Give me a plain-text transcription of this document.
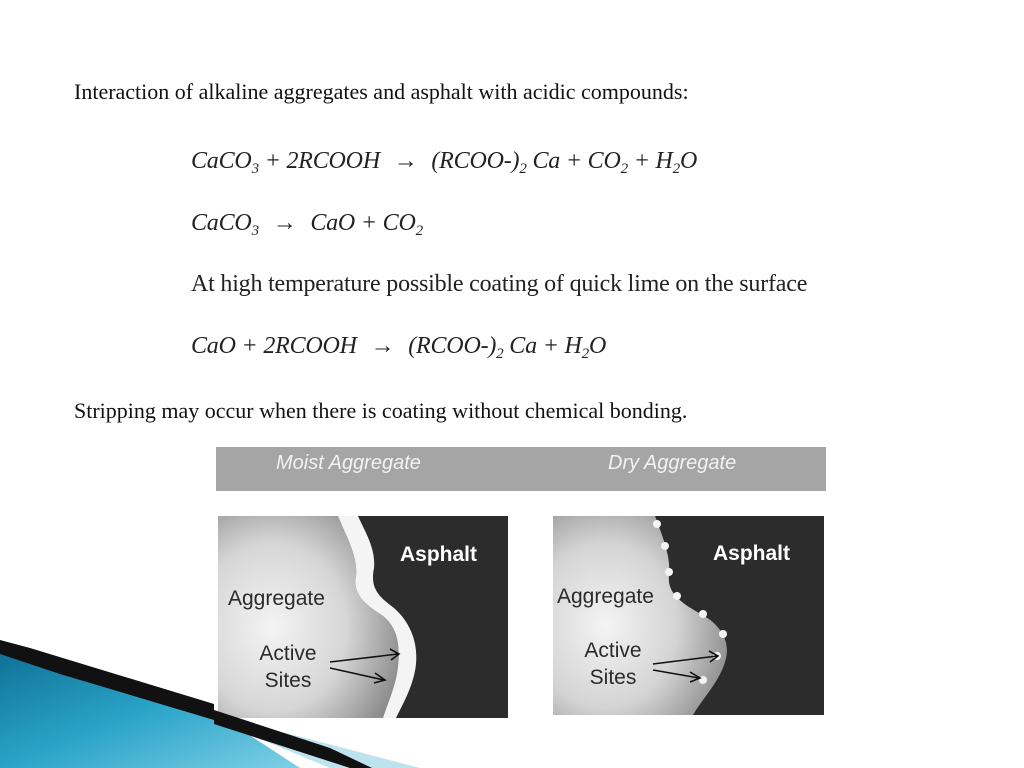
Interaction of alkaline aggregates and asphalt with acidic compounds:
CaCO$_3$ + 2RCOOH → $(RCOO-)_2$ $Ca + CO_2 + H_2O$
CaCO$_3$ → CaO + $CO_2$
At high temperature possible coating of quick lime on the surface
CaO + 2RCOOH → $(RCOO-)_2$ $Ca + H_2O$
Stripping may occur when there is coating without chemical bonding.
Moist Aggregate	Dry Aggregate
Asphalt
Aggregate
Active
Sites
Asphalt
Aggregate
Active
Sites
